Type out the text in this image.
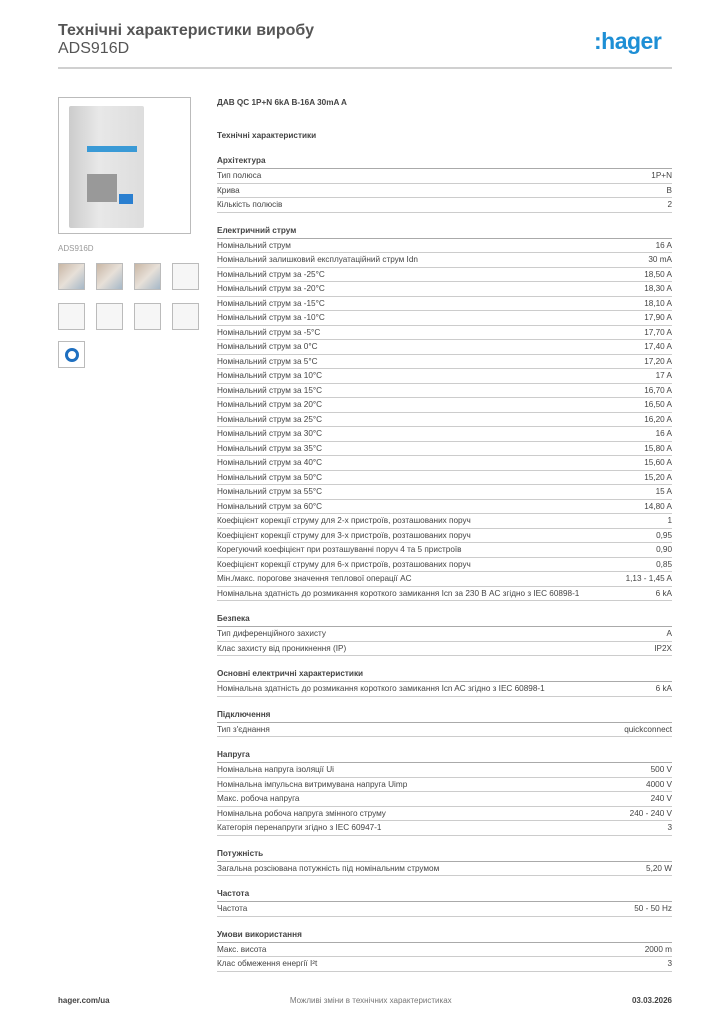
Технічні характеристики виробу
ADS916D	:hager
ADS916D
ДАВ QC 1P+N 6kA B-16A 30mA A
Технічні характеристики
Архітектура
Тип полюса	1P+N
Крива	B
Кількість полюсів	2
Електричний струм
Номінальний струм	16 A
Номінальний залишковий експлуатаційний струм Idn	30 mA
Номінальний струм за -25°C	18,50 A
Номінальний струм за -20°C	18,30 A
Номінальний струм за -15°C	18,10 A
Номінальний струм за -10°C	17,90 A
Номінальний струм за -5°C	17,70 A
Номінальний струм за 0°C	17,40 A
Номінальний струм за 5°C	17,20 A
Номінальний струм за 10°C	17 A
Номінальний струм за 15°C	16,70 A
Номінальний струм за 20°C	16,50 A
Номінальний струм за 25°C	16,20 A
Номінальний струм за 30°C	16 A
Номінальний струм за 35°C	15,80 A
Номінальний струм за 40°C	15,60 A
Номінальний струм за 50°C	15,20 A
Номінальний струм за 55°C	15 A
Номінальний струм за 60°C	14,80 A
Коефіцієнт корекції струму для 2-х пристроїв, розташованих поруч	1
Коефіцієнт корекції струму для 3-х пристроїв, розташованих поруч	0,95
Корегуючий коефіцієнт при розташуванні поруч 4 та 5 пристроїв	0,90
Коефіцієнт корекції струму для 6-х пристроїв, розташованих поруч	0,85
Мін./макс. порогове значення теплової операції AC	1,13 - 1,45 A
Номінальна здатність до розмикання короткого замикання Icn за 230 В AC згідно з IEC 60898-1	6 kA
Безпека
Тип диференційного захисту	A
Клас захисту від проникнення (IP)	IP2X
Основні електричні характеристики
Номінальна здатність до розмикання короткого замикання Icn AC згідно з IEC 60898-1	6 kA
Підключення
Тип з'єднання	quickconnect
Напруга
Номінальна напруга ізоляції Ui	500 V
Номінальна імпульсна витримувана напруга Uimp	4000 V
Макс. робоча напруга	240 V
Номінальна робоча напруга змінного струму	240 - 240 V
Категорія перенапруги згідно з IEC 60947-1	3
Потужність
Загальна розсіювана потужність під номінальним струмом	5,20 W
Частота
Частота	50 - 50 Hz
Умови використання
Макс. висота	2000 m
Клас обмеження енергії I²t	3
hager.com/ua	Можливі зміни в технічних характеристиках	03.03.2026
